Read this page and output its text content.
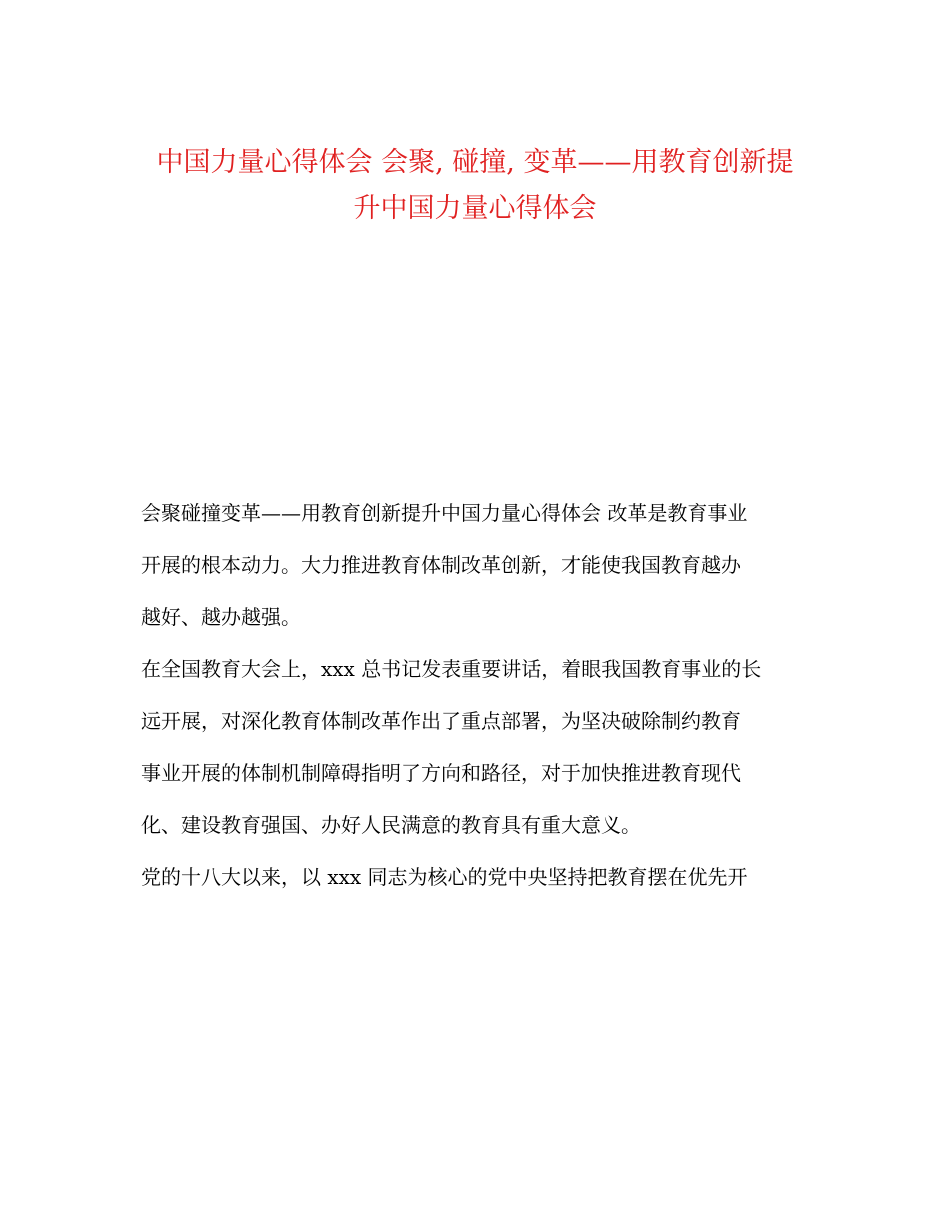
中国力量心得体会 会聚, 碰撞, 变革——用教育创新提
升中国力量心得体会
会聚碰撞变革——用教育创新提升中国力量心得体会 改革是教育事业
开展的根本动力。大力推进教育体制改革创新，才能使我国教育越办
越好、越办越强。
在全国教育大会上，xxx 总书记发表重要讲话，着眼我国教育事业的长
远开展，对深化教育体制改革作出了重点部署，为坚决破除制约教育
事业开展的体制机制障碍指明了方向和路径，对于加快推进教育现代
化、建设教育强国、办好人民满意的教育具有重大意义。
党的十八大以来，以 xxx 同志为核心的党中央坚持把教育摆在优先开
